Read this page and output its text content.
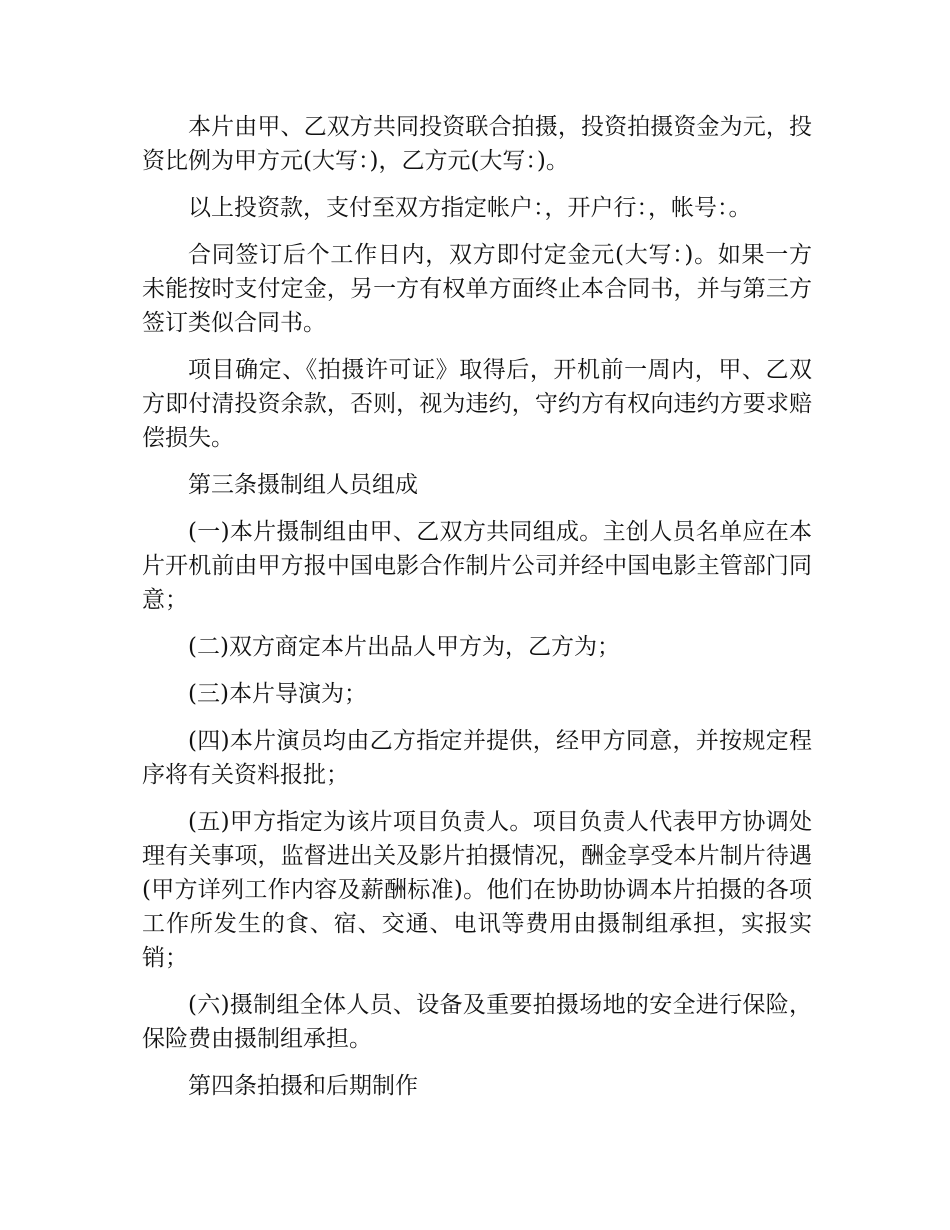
本片由甲、乙双方共同投资联合拍摄，投资拍摄资金为元，投资比例为甲方元(大写：)，乙方元(大写：)。

以上投资款，支付至双方指定帐户：，开户行：，帐号：。

合同签订后个工作日内，双方即付定金元(大写：)。如果一方未能按时支付定金，另一方有权单方面终止本合同书，并与第三方签订类似合同书。

项目确定、《拍摄许可证》取得后，开机前一周内，甲、乙双方即付清投资余款，否则，视为违约，守约方有权向违约方要求赔偿损失。

第三条摄制组人员组成

(一)本片摄制组由甲、乙双方共同组成。主创人员名单应在本片开机前由甲方报中国电影合作制片公司并经中国电影主管部门同意；

(二)双方商定本片出品人甲方为，乙方为；

(三)本片导演为；

(四)本片演员均由乙方指定并提供，经甲方同意，并按规定程序将有关资料报批；

(五)甲方指定为该片项目负责人。项目负责人代表甲方协调处理有关事项，监督进出关及影片拍摄情况，酬金享受本片制片待遇(甲方详列工作内容及薪酬标准)。他们在协助协调本片拍摄的各项工作所发生的食、宿、交通、电讯等费用由摄制组承担，实报实销；

(六)摄制组全体人员、设备及重要拍摄场地的安全进行保险，保险费由摄制组承担。

第四条拍摄和后期制作
